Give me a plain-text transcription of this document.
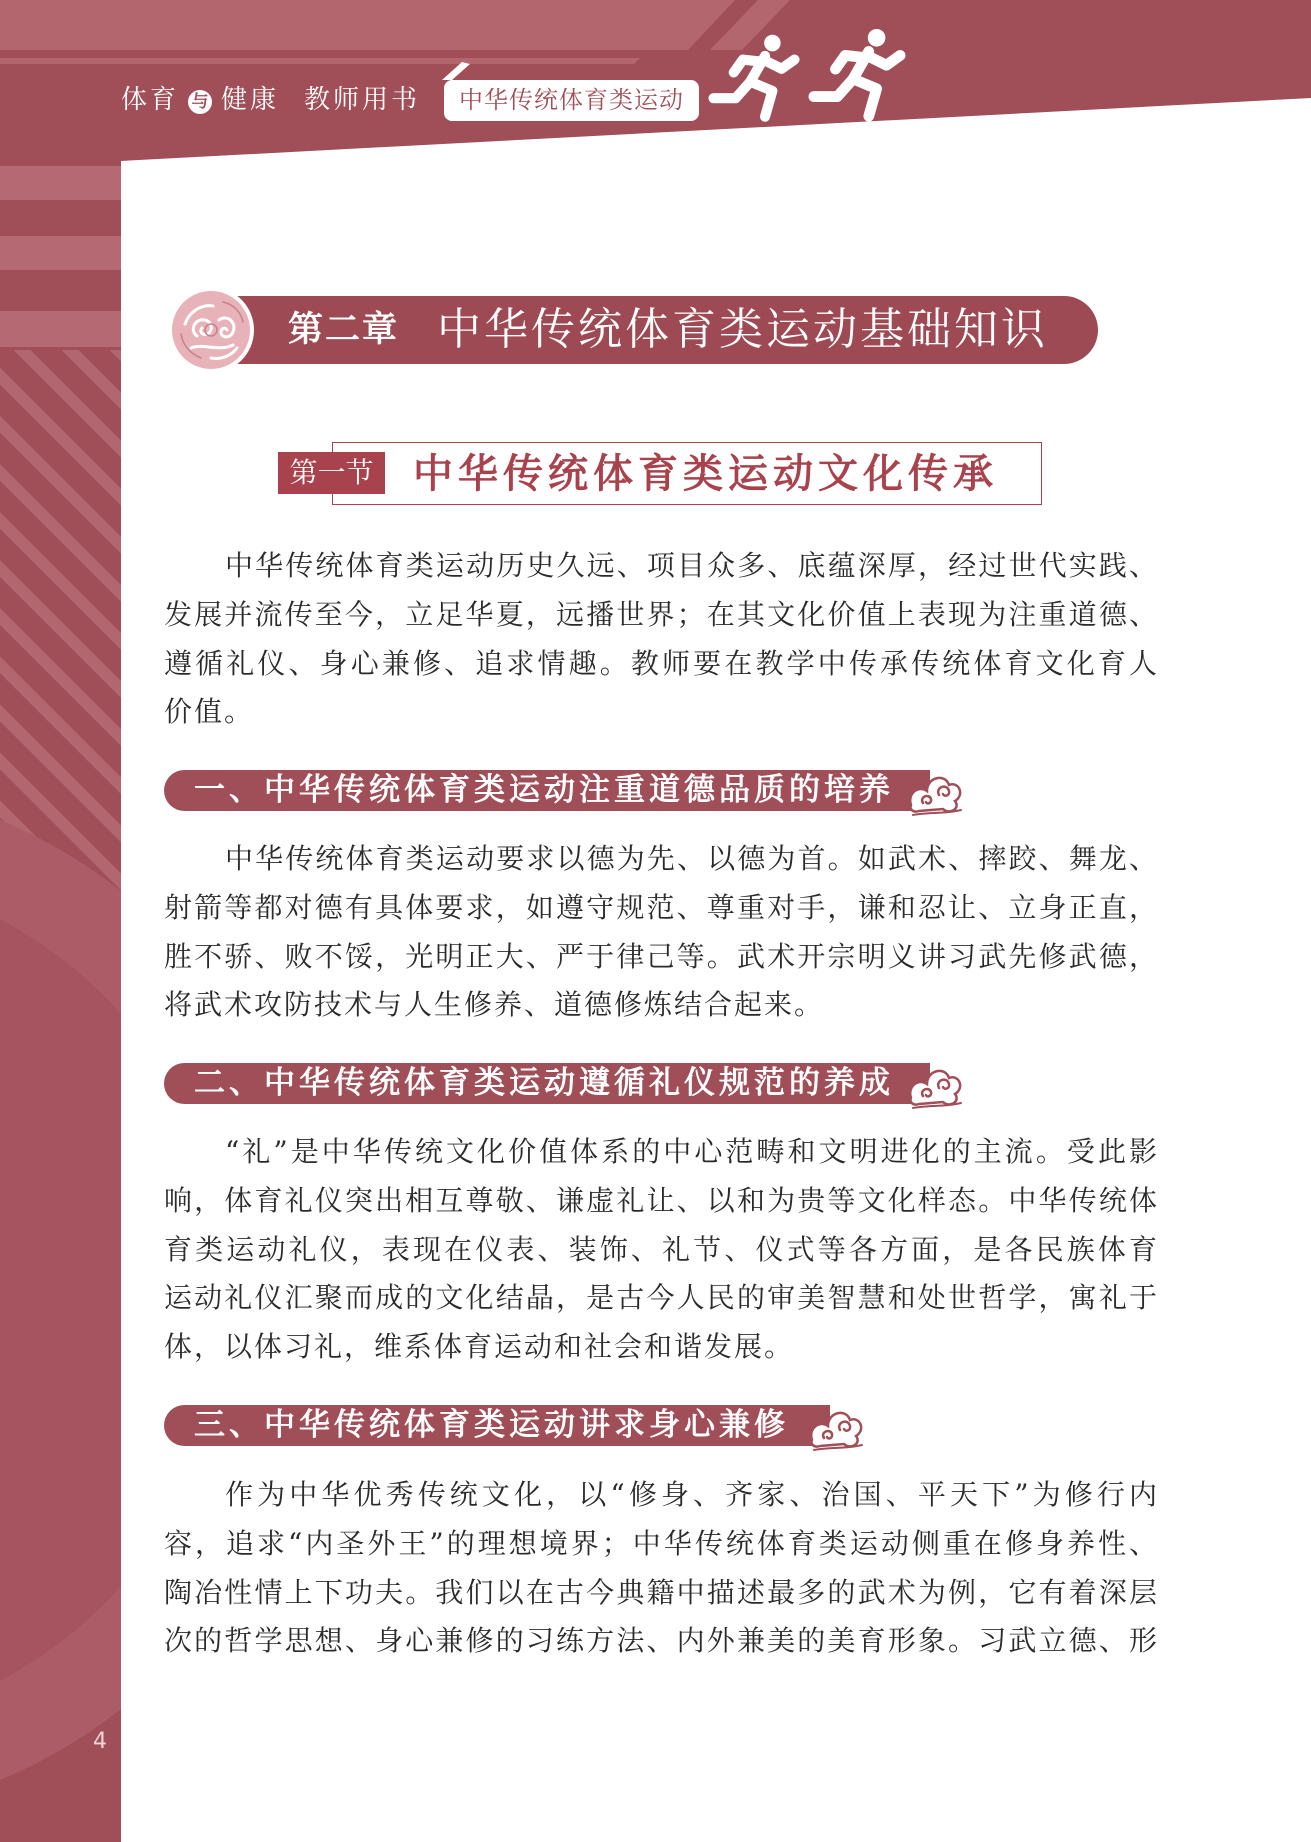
体育 与 健康 教师用书	中华传统体育类运动
第二章 中华传统体育类运动基础知识
第一节 中华传统体育类运动文化传承
中华传统体育类运动历史久远、项目众多、底蕴深厚，经过世代实践、
发展并流传至今，立足华夏，远播世界；在其文化价值上表现为注重道德、
遵循礼仪、身心兼修、追求情趣。教师要在教学中传承传统体育文化育人
价值。
一、中华传统体育类运动注重道德品质的培养
中华传统体育类运动要求以德为先、以德为首。如武术、摔跤、舞龙、
射箭等都对德有具体要求，如遵守规范、尊重对手，谦和忍让、立身正直，
胜不骄、败不馁，光明正大、严于律己等。武术开宗明义讲习武先修武德，
将武术攻防技术与人生修养、道德修炼结合起来。
二、中华传统体育类运动遵循礼仪规范的养成
“礼”是中华传统文化价值体系的中心范畴和文明进化的主流。受此影
响，体育礼仪突出相互尊敬、谦虚礼让、以和为贵等文化样态。中华传统体
育类运动礼仪，表现在仪表、装饰、礼节、仪式等各方面，是各民族体育
运动礼仪汇聚而成的文化结晶，是古今人民的审美智慧和处世哲学，寓礼于
体，以体习礼，维系体育运动和社会和谐发展。
三、中华传统体育类运动讲求身心兼修
作为中华优秀传统文化，以“修身、齐家、治国、平天下”为修行内
容，追求“内圣外王”的理想境界；中华传统体育类运动侧重在修身养性、
陶冶性情上下功夫。我们以在古今典籍中描述最多的武术为例，它有着深层
次的哲学思想、身心兼修的习练方法、内外兼美的美育形象。习武立德、形
4
